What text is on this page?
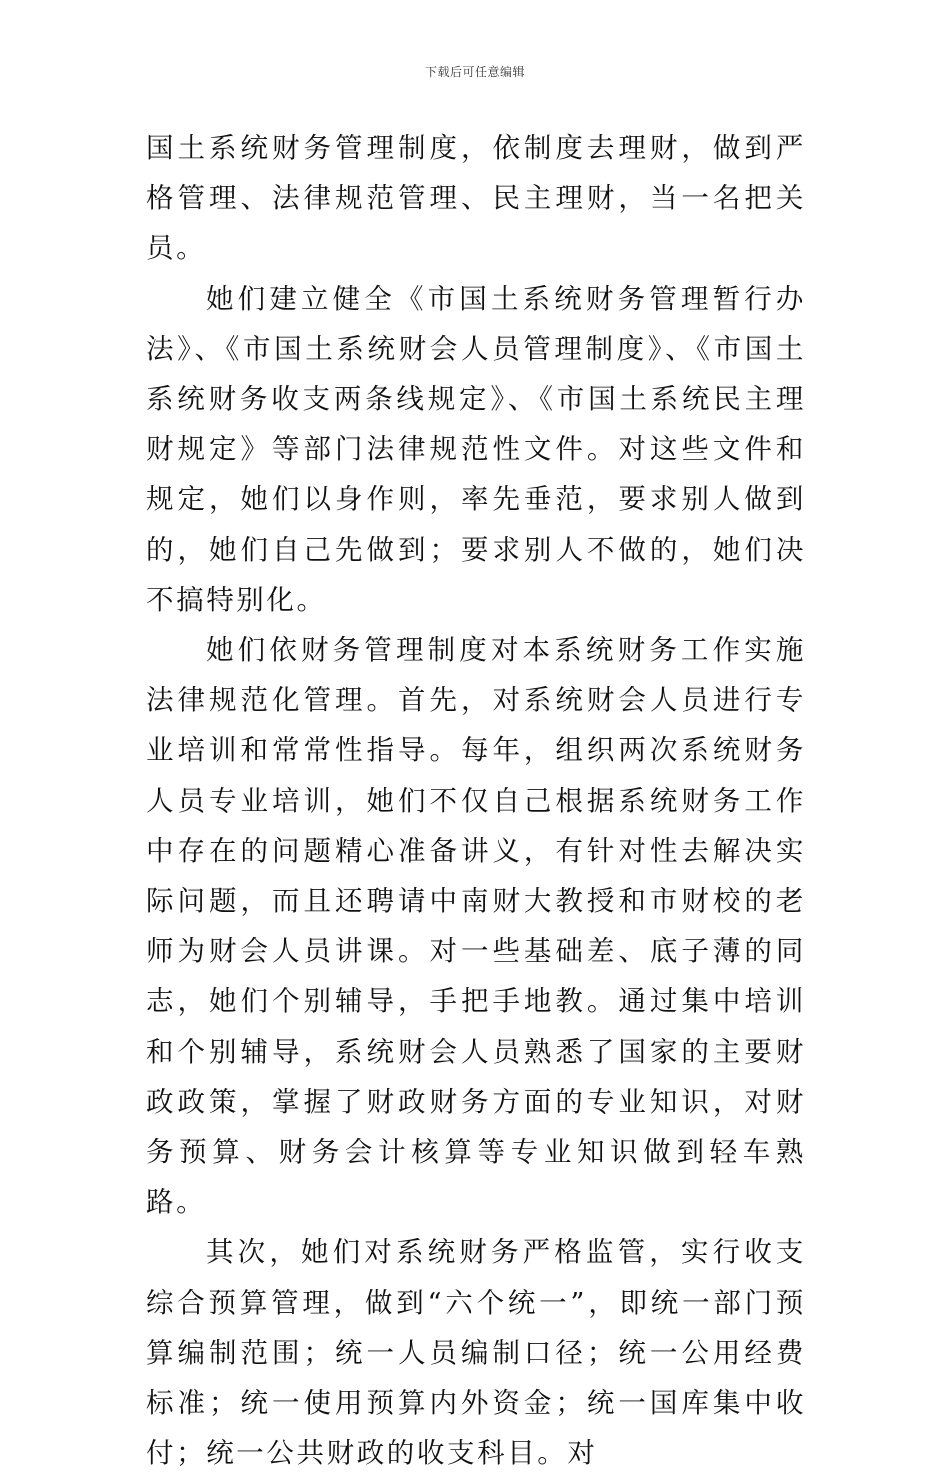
下载后可任意编辑

国土系统财务管理制度，依制度去理财，做到严格管理、法律规范管理、民主理财，当一名把关员。

她们建立健全《市国土系统财务管理暂行办法》、《市国土系统财会人员管理制度》、《市国土系统财务收支两条线规定》、《市国土系统民主理财规定》等部门法律规范性文件。对这些文件和规定，她们以身作则，率先垂范，要求别人做到的，她们自己先做到；要求别人不做的，她们决不搞特别化。

她们依财务管理制度对本系统财务工作实施法律规范化管理。首先，对系统财会人员进行专业培训和常常性指导。每年，组织两次系统财务人员专业培训，她们不仅自己根据系统财务工作中存在的问题精心准备讲义，有针对性去解决实际问题，而且还聘请中南财大教授和市财校的老师为财会人员讲课。对一些基础差、底子薄的同志，她们个别辅导，手把手地教。通过集中培训和个别辅导，系统财会人员熟悉了国家的主要财政政策，掌握了财政财务方面的专业知识，对财务预算、财务会计核算等专业知识做到轻车熟路。

其次，她们对系统财务严格监管，实行收支综合预算管理，做到“六个统一”，即统一部门预算编制范围；统一人员编制口径；统一公用经费标准；统一使用预算内外资金；统一国库集中收付；统一公共财政的收支科目。对
